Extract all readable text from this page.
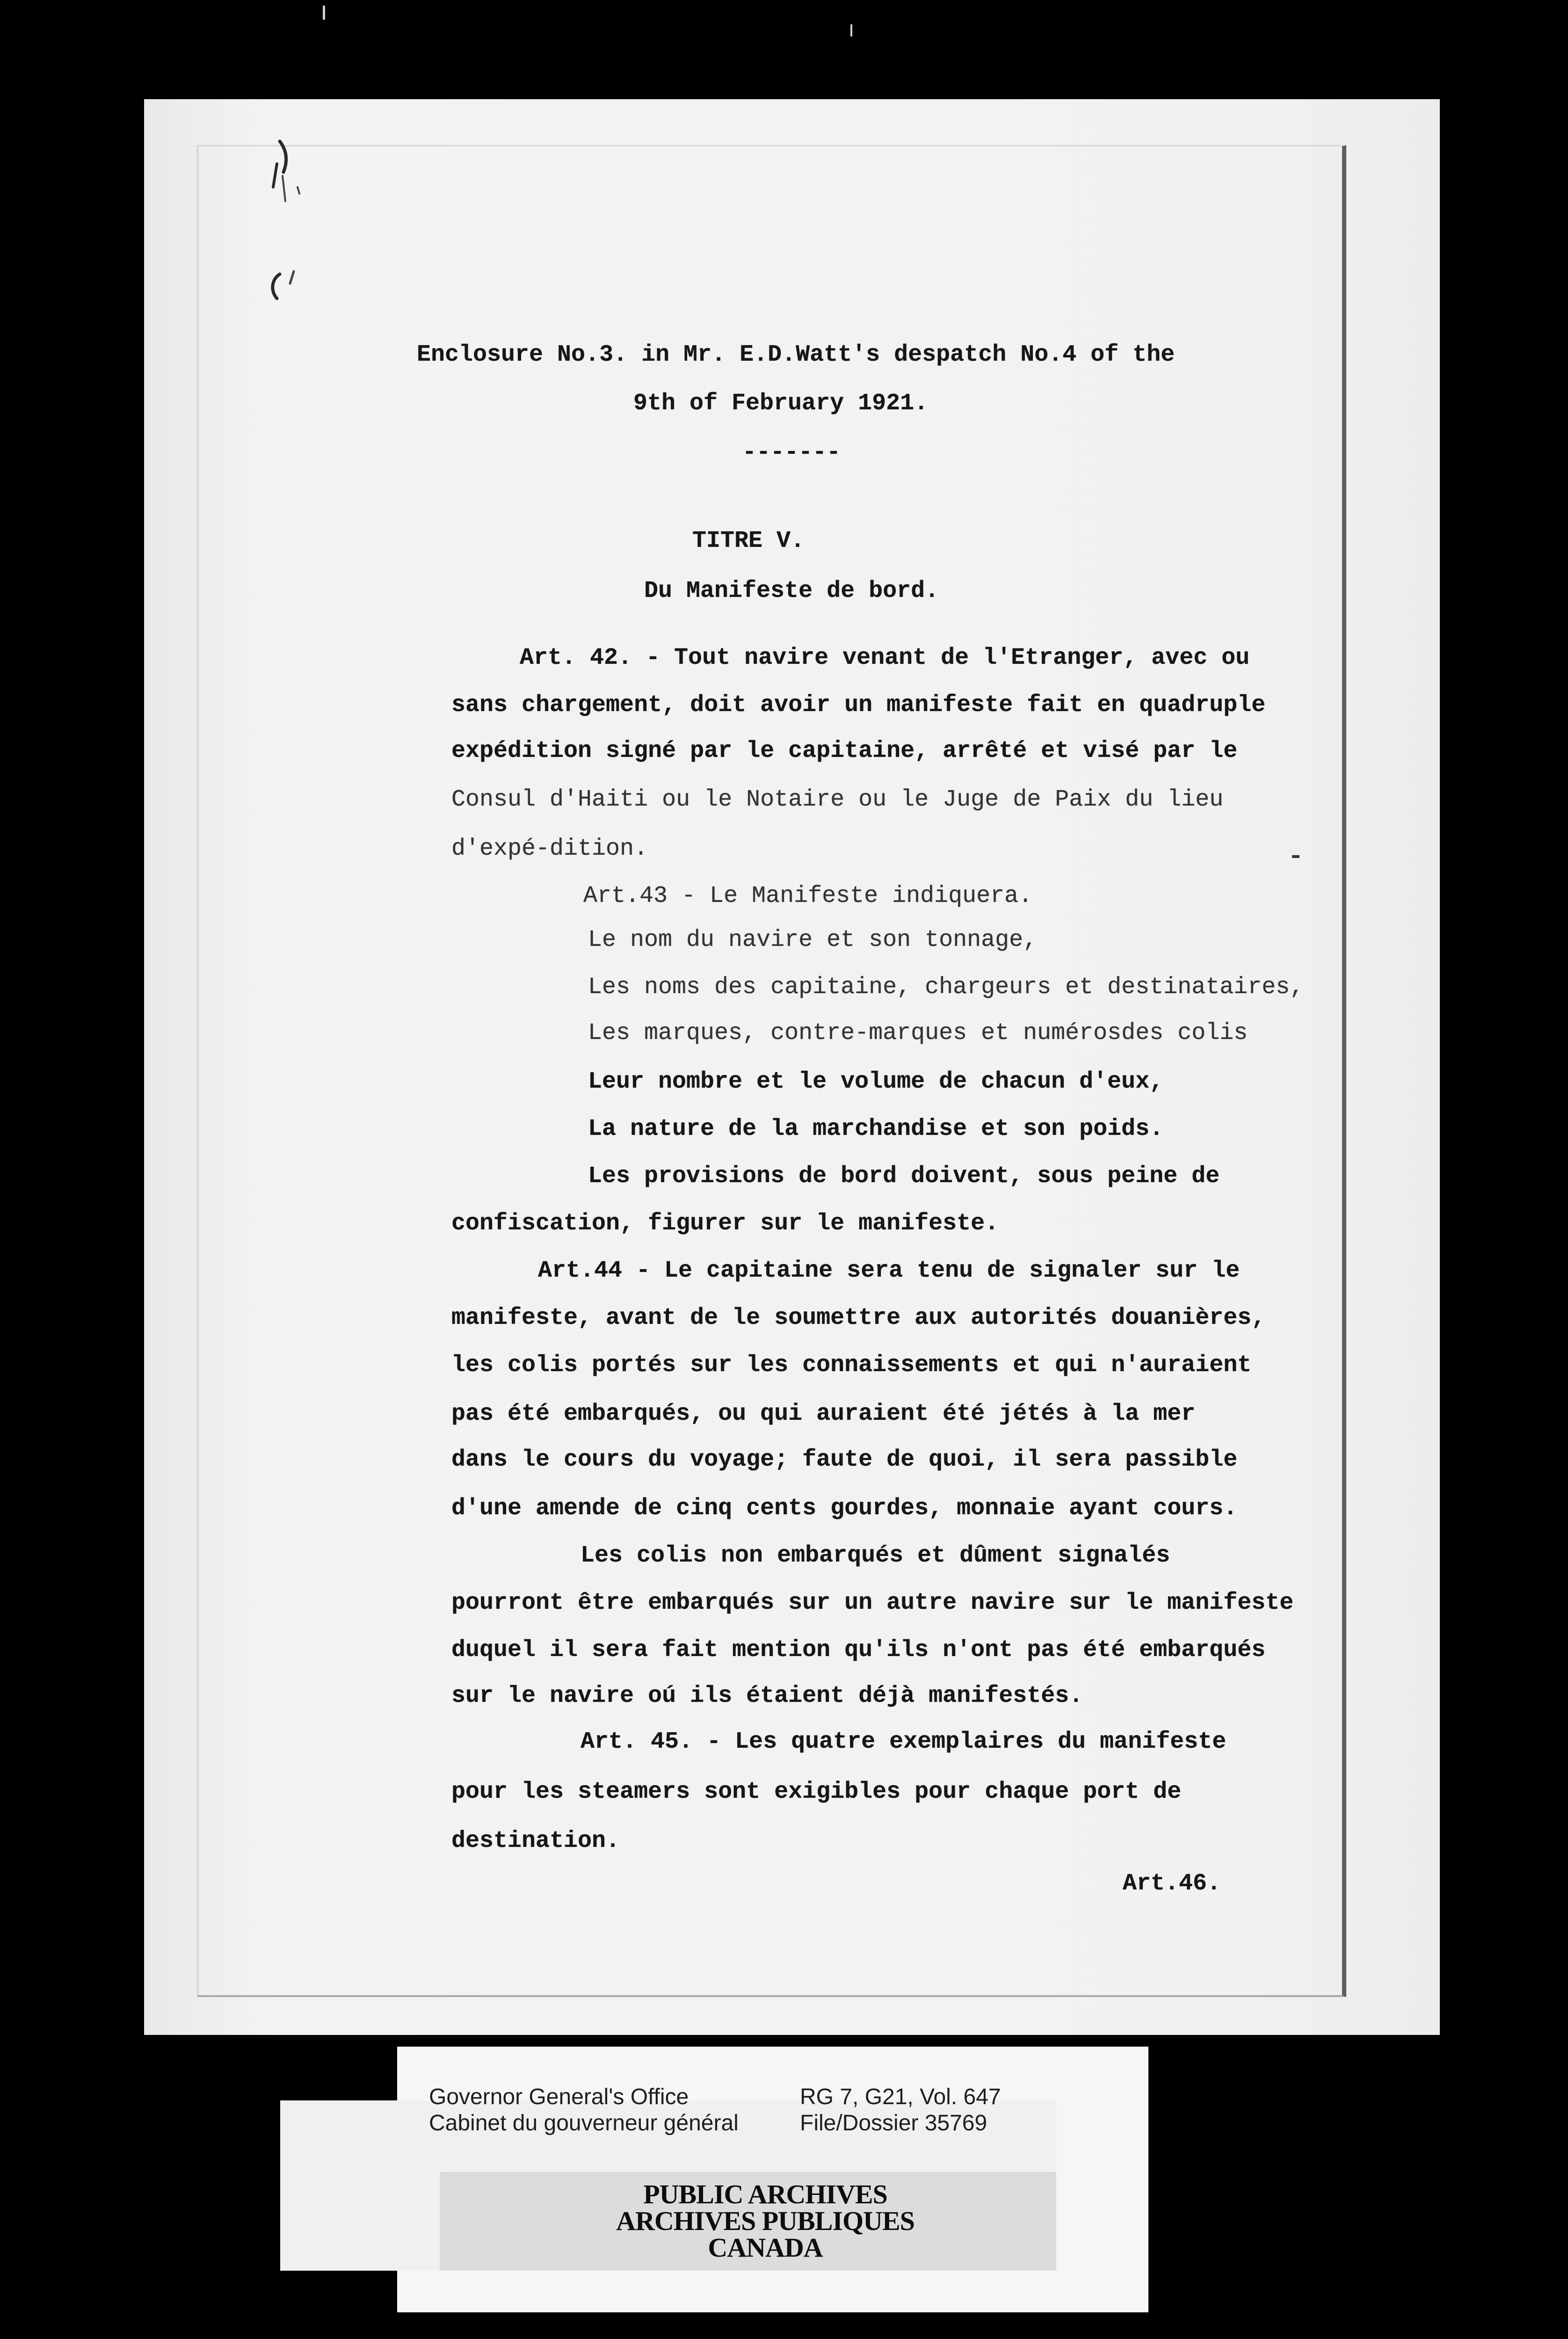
Enclosure No.3. in Mr. E.D.Watt's despatch No.4 of the
9th of February 1921.
-------
TITRE V.
Du Manifeste de bord.
Art. 42. - Tout navire venant de l'Etranger, avec ou
sans chargement, doit avoir un manifeste fait en quadruple
expédition signé par le capitaine, arrêté et visé par le
Consul d'Haiti ou le Notaire ou le Juge de Paix du lieu
d'expé-dition.
Art.43 - Le Manifeste indiquera.
Le nom du navire et son tonnage,
Les noms des capitaine, chargeurs et destinataires,
Les marques, contre-marques et numérosdes colis
Leur nombre et le volume de chacun d'eux,
La nature de la marchandise et son poids.
Les provisions de bord doivent, sous peine de
confiscation, figurer sur le manifeste.
Art.44 - Le capitaine sera tenu de signaler sur le
manifeste, avant de le soumettre aux autorités douanières,
les colis portés sur les connaissements et qui n'auraient
pas été embarqués, ou qui auraient été jétés à la mer
dans le cours du voyage; faute de quoi, il sera passible
d'une amende de cinq cents gourdes, monnaie ayant cours.
Les colis non embarqués et dûment signalés
pourront être embarqués sur un autre navire sur le manifeste
duquel il sera fait mention qu'ils n'ont pas été embarqués
sur le navire oú ils étaient déjà manifestés.
Art. 45. - Les quatre exemplaires du manifeste
pour les steamers sont exigibles pour chaque port de
destination.
Art.46.
Governor General's Office
Cabinet du gouverneur général
RG 7, G21, Vol. 647
File/Dossier 35769
PUBLIC ARCHIVES
ARCHIVES PUBLIQUES
CANADA
